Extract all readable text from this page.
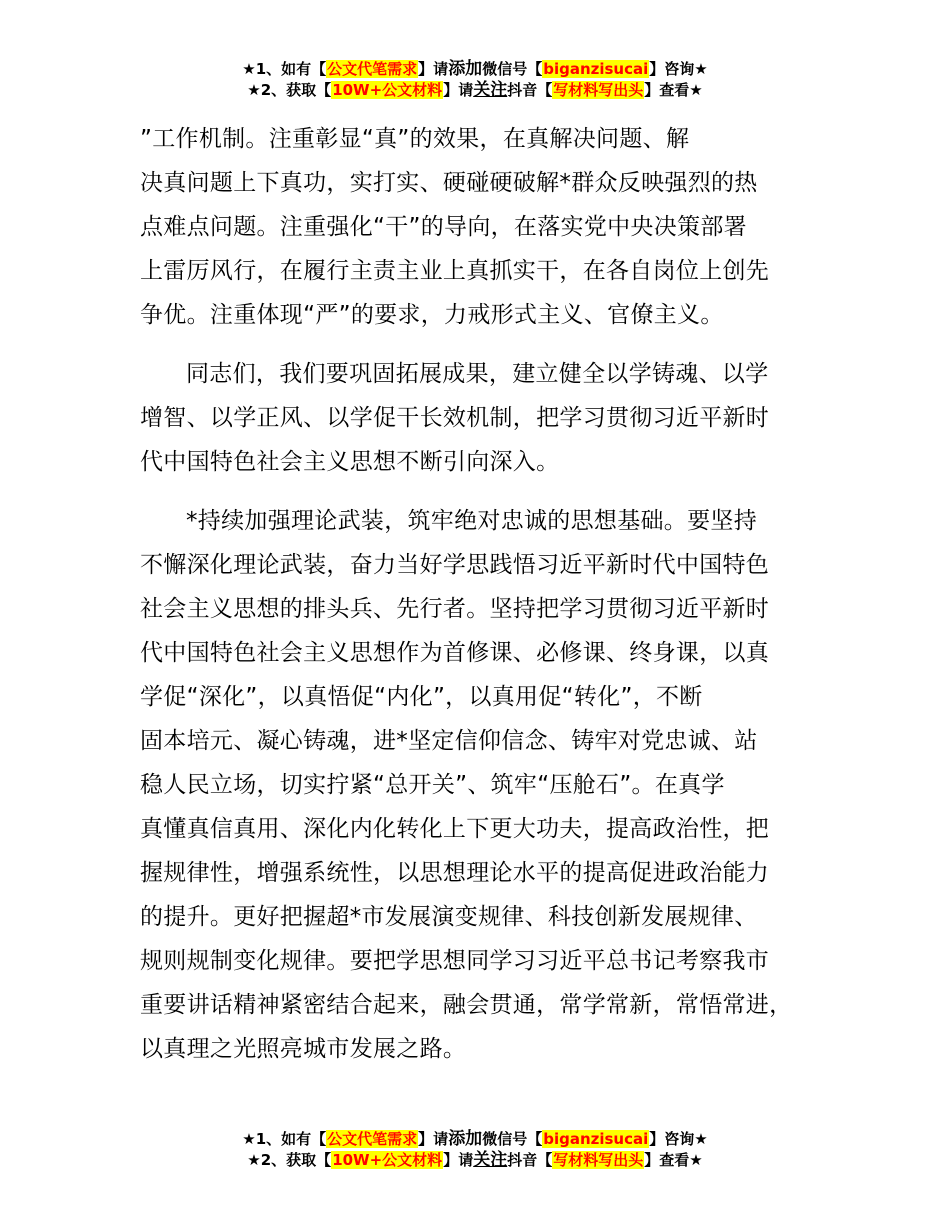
★1、如有【公文代笔需求】请添加微信号【biganzisucai】咨询★
★2、获取【10W+公文材料】请关注抖音【写材料写出头】查看★
”工作机制。注重彰显“真”的效果，在真解决问题、解
决真问题上下真功，实打实、硬碰硬破解*群众反映强烈的热
点难点问题。注重强化“干”的导向，在落实党中央决策部署
上雷厉风行，在履行主责主业上真抓实干，在各自岗位上创先
争优。注重体现“严”的要求，力戒形式主义、官僚主义。
同志们，我们要巩固拓展成果，建立健全以学铸魂、以学
增智、以学正风、以学促干长效机制，把学习贯彻习近平新时
代中国特色社会主义思想不断引向深入。
*持续加强理论武装，筑牢绝对忠诚的思想基础。要坚持
不懈深化理论武装，奋力当好学思践悟习近平新时代中国特色
社会主义思想的排头兵、先行者。坚持把学习贯彻习近平新时
代中国特色社会主义思想作为首修课、必修课、终身课，以真
学促“深化”，以真悟促“内化”，以真用促“转化”，不断
固本培元、凝心铸魂，进*坚定信仰信念、铸牢对党忠诚、站
稳人民立场，切实拧紧“总开关”、筑牢“压舱石”。在真学
真懂真信真用、深化内化转化上下更大功夫，提高政治性，把
握规律性，增强系统性，以思想理论水平的提高促进政治能力
的提升。更好把握超*市发展演变规律、科技创新发展规律、
规则规制变化规律。要把学思想同学习习近平总书记考察我市
重要讲话精神紧密结合起来，融会贯通，常学常新，常悟常进，
以真理之光照亮城市发展之路。
★1、如有【公文代笔需求】请添加微信号【biganzisucai】咨询★
★2、获取【10W+公文材料】请关注抖音【写材料写出头】查看★
